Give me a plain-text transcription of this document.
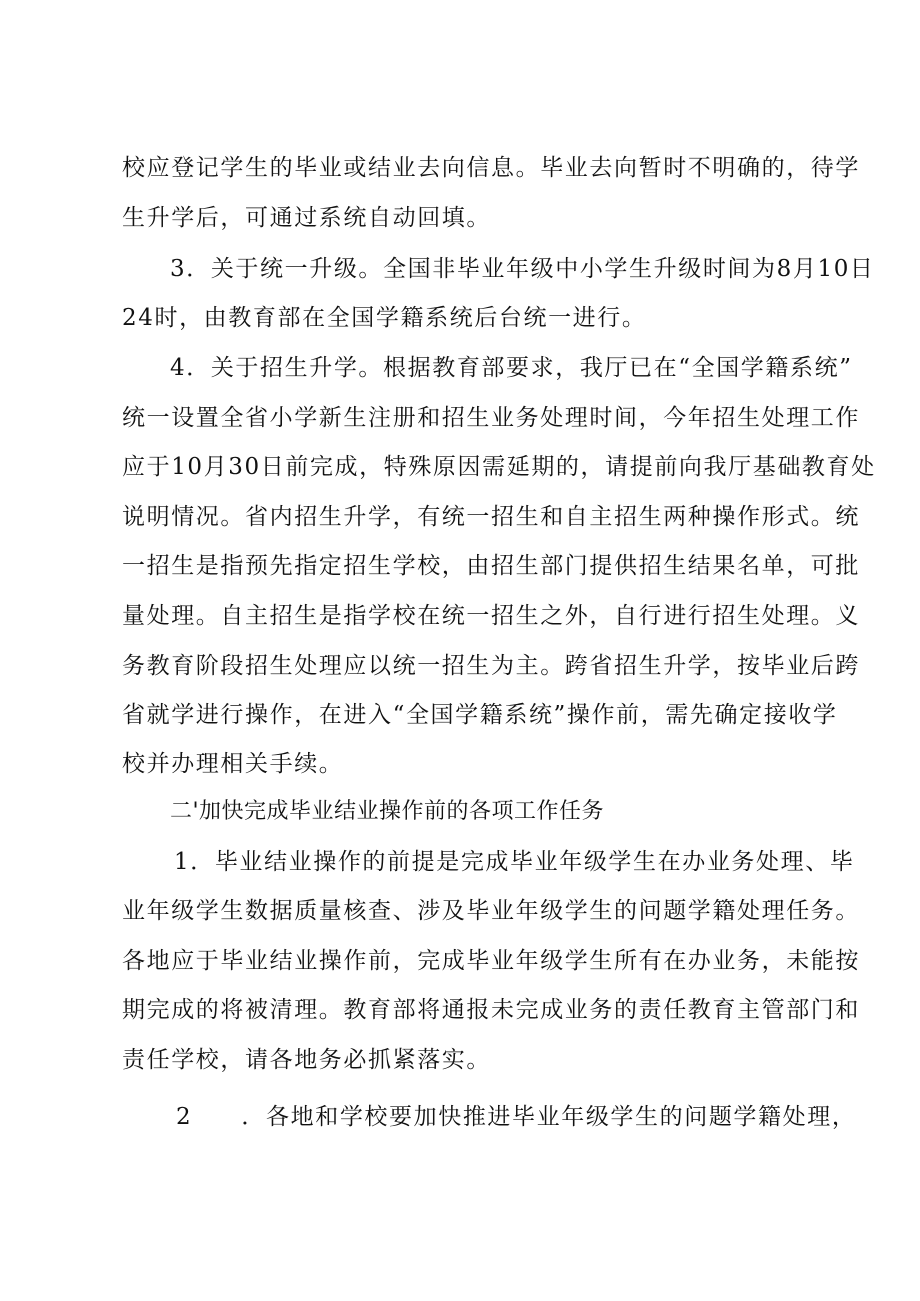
校应登记学生的毕业或结业去向信息。毕业去向暂时不明确的，待学
生升学后，可通过系统自动回填。
3．关于统一升级。全国非毕业年级中小学生升级时间为8月10日
24时，由教育部在全国学籍系统后台统一进行。
4．关于招生升学。根据教育部要求，我厅已在“全国学籍系统”
统一设置全省小学新生注册和招生业务处理时间，今年招生处理工作
应于10月30日前完成，特殊原因需延期的，请提前向我厅基础教育处
说明情况。省内招生升学，有统一招生和自主招生两种操作形式。统
一招生是指预先指定招生学校，由招生部门提供招生结果名单，可批
量处理。自主招生是指学校在统一招生之外，自行进行招生处理。义
务教育阶段招生处理应以统一招生为主。跨省招生升学，按毕业后跨
省就学进行操作，在进入“全国学籍系统”操作前，需先确定接收学
校并办理相关手续。
二'加快完成毕业结业操作前的各项工作任务
1．毕业结业操作的前提是完成毕业年级学生在办业务处理、毕
业年级学生数据质量核查、涉及毕业年级学生的问题学籍处理任务。
各地应于毕业结业操作前，完成毕业年级学生所有在办业务，未能按
期完成的将被清理。教育部将通报未完成业务的责任教育主管部门和
责任学校，请各地务必抓紧落实。
2　　．各地和学校要加快推进毕业年级学生的问题学籍处理，
